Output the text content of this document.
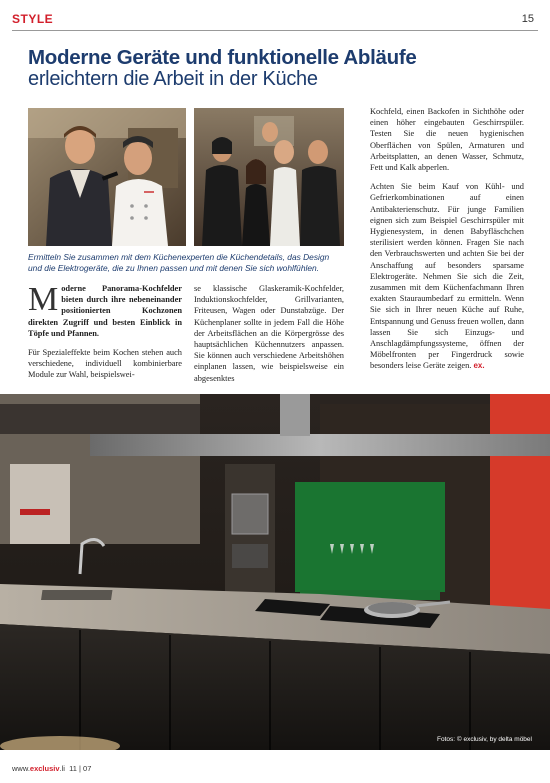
STYLE	15
Moderne Geräte und funktionelle Abläufe
erleichtern die Arbeit in der Küche
Ermitteln Sie zusammen mit dem Küchenexperten die Küchendetails, das Design und die Elektrogeräte, die zu Ihnen passen und mit denen Sie sich wohlfühlen.

Moderne Panorama-Kochfelder bieten durch ihre nebeneinander positionierten Kochzonen direkten Zugriff und besten Einblick in Töpfe und Pfannen.

Für Spezialeffekte beim Kochen stehen auch verschiedene, individuell kombinierbare Module zur Wahl, beispielswei-

se klassische Glaskeramik-Kochfelder, Induktionskochfelder, Grillvarianten, Friteusen, Wagen oder Dunstabzüge. Der Küchenplaner sollte in jedem Fall die Höhe der Arbeitsflächen an die Körpergrösse des hauptsächlichen Küchennutzers anpassen. Sie können auch verschiedene Arbeitshöhen einplanen lassen, wie beispielsweise ein abgesenktes

Kochfeld, einen Backofen in Sichthöhe oder einen höher eingebauten Geschirrspüler. Testen Sie die neuen hygienischen Oberflächen von Spülen, Armaturen und Arbeitsplatten, an denen Wasser, Schmutz, Fett und Kalk abperlen.

Achten Sie beim Kauf von Kühl- und Gefrierkombinationen auf einen Antibakterienschutz. Für junge Familien eignen sich zum Beispiel Geschirrspüler mit Hygienesystem, in denen Babyfläschchen sterilisiert werden können. Fragen Sie nach den Verbrauchswerten und achten Sie bei der Anschaffung auf besonders sparsame Elektrogeräte. Nehmen Sie sich die Zeit, zusammen mit dem Küchenfachmann Ihren exakten Stauraumbedarf zu ermitteln. Wenn Sie sich in Ihrer neuen Küche auf Ruhe, Entspannung und Genuss freuen wollen, dann lassen Sie sich Einzugs- und Anschlagdämpfungssysteme, öffnen der Möbelfronten per Fingerdruck sowie besonders leise Geräte zeigen. ex.

Fotos: © exclusiv, by delta möbel
www.exclusiv.li 11 | 07
